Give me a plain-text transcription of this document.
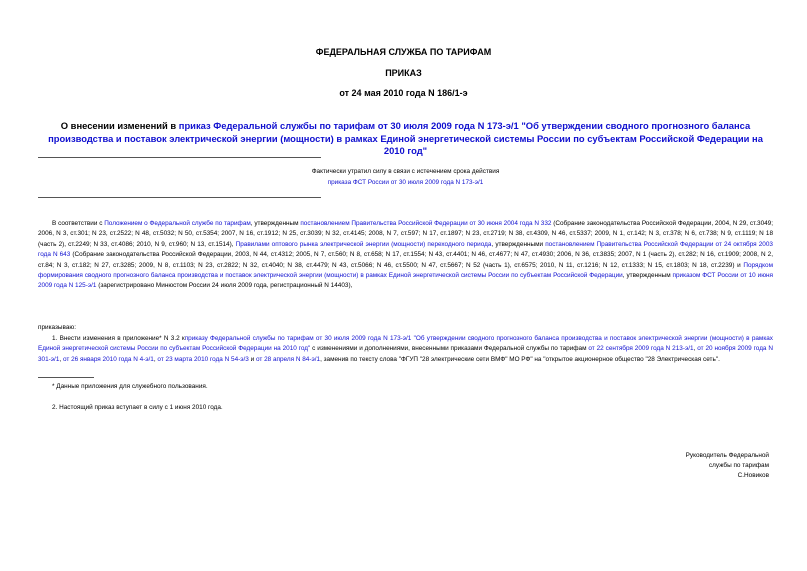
ФЕДЕРАЛЬНАЯ СЛУЖБА ПО ТАРИФАМ
ПРИКАЗ
от 24 мая 2010 года N 186/1-э
О внесении изменений в приказ Федеральной службы по тарифам от 30 июля 2009 года N 173-э/1 "Об утверждении сводного прогнозного баланса производства и поставок электрической энергии (мощности) в рамках Единой энергетической системы России по субъектам Российской Федерации на 2010 год"
Фактически утратил силу в связи с истечением срока действия
приказа ФСТ России от 30 июля 2009 года N 173-э/1
В соответствии с Положением о Федеральной службе по тарифам, утвержденным постановлением Правительства Российской Федерации от 30 июня 2004 года N 332 (Собрание законодательства Российской Федерации, 2004, N 29, ст.3049; 2006, N 3, ст.301; N 23, ст.2522; N 48, ст.5032; N 50, ст.5354; 2007, N 16, ст.1912; N 25, ст.3039; N 32, ст.4145; 2008, N 7, ст.597; N 17, ст.1897; N 23, ст.2719; N 38, ст.4309, N 46, ст.5337; 2009, N 1, ст.142; N 3, ст.378; N 6, ст.738; N 9, ст.1119; N 18 (часть 2), ст.2249; N 33, ст.4086; 2010, N 9, ст.960; N 13, ст.1514), Правилами оптового рынка электрической энергии (мощности) переходного периода, утвержденными постановлением Правительства Российской Федерации от 24 октября 2003 года N 643 (Собрание законодательства Российской Федерации, 2003, N 44, ст.4312; 2005, N 7, ст.560; N 8, ст.658; N 17, ст.1554; N 43, ст.4401; N 46, ст.4677; N 47, ст.4930; 2006, N 36, ст.3835; 2007, N 1 (часть 2), ст.282; N 16, ст.1909; 2008, N 2, ст.84; N 3, ст.182; N 27, ст.3285; 2009, N 8, ст.1103; N 23, ст.2822; N 32, ст.4040; N 38, ст.4479; N 43, ст.5066; N 46, ст.5500; N 47, ст.5667; N 52 (часть 1), ст.6575; 2010, N 11, ст.1216; N 12, ст.1333; N 15, ст.1803; N 18, ст.2239) и Порядком формирования сводного прогнозного баланса производства и поставок электрической энергии (мощности) в рамках Единой энергетической системы России по субъектам Российской Федерации, утвержденным приказом ФСТ России от 10 июня 2009 года N 125-э/1 (зарегистрировано Минюстом России 24 июля 2009 года, регистрационный N 14403),
приказываю:
1. Внести изменения в приложение* N 3.2 кприказу Федеральной службы по тарифам от 30 июля 2009 года N 173-э/1 "Об утверждении сводного прогнозного баланса производства и поставок электрической энергии (мощности) в рамках Единой энергетической системы России по субъектам Российской Федерации на 2010 год" с изменениями и дополнениями, внесенными приказами Федеральной службы по тарифам от 22 сентября 2009 года N 213-э/1, от 20 ноября 2009 года N 301-э/1, от 26 января 2010 года N 4-э/1, от 23 марта 2010 года N 54-э/3 и от 28 апреля N 84-э/1, заменив по тексту слова "ФГУП "28 электрические сети ВМФ" МО РФ" на "открытое акционерное общество "28 Электрическая сеть".
* Данные приложения для служебного пользования.
2. Настоящий приказ вступает в силу с 1 июня 2010 года.
Руководитель Федеральной
службы по тарифам
С.Новиков
